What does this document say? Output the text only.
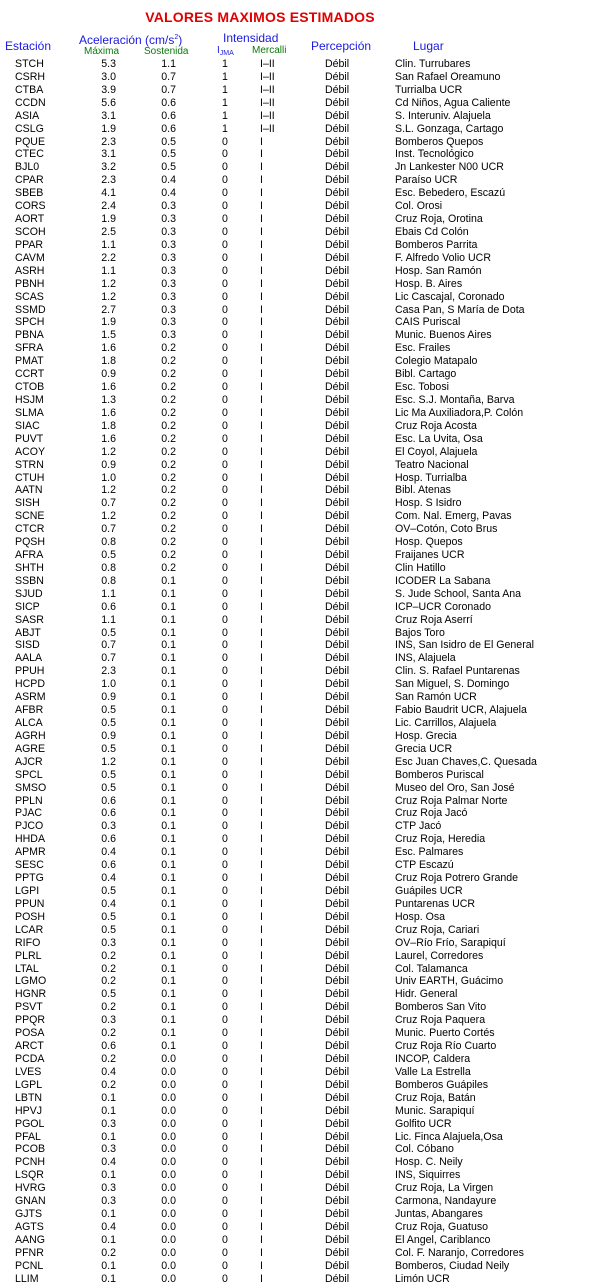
VALORES MAXIMOS ESTIMADOS
Estación Aceleración $(cm/s^2)$
Máxima Sostenida
Intensidad
$I_{JMA}$ Mercalli Percepción	Lugar
STCH	5.3	1.1	1	I–II	Débil	Clin. Turrubares
CSRH	3.0	0.7	1	I–II	Débil	San Rafael Oreamuno
CTBA	3.9	0.7	1	I–II	Débil	Turrialba UCR
CCDN	5.6	0.6	1	I–II	Débil	Cd Niños, Agua Caliente
ASIA	3.1	0.6	1	I–II	Débil	S. Interuniv. Alajuela
CSLG	1.9	0.6	1	I–II	Débil	S.L. Gonzaga, Cartago
PQUE	2.3	0.5	0	I	Débil	Bomberos Quepos
CTEC	3.1	0.5	0	I	Débil	Inst. Tecnológico
BJL0	3.2	0.5	0	I	Débil	Jn Lankester N00 UCR
CPAR	2.3	0.4	0	I	Débil	Paraíso UCR
SBEB	4.1	0.4	0	I	Débil	Esc. Bebedero, Escazú
CORS	2.4	0.3	0	I	Débil	Col. Orosi
AORT	1.9	0.3	0	I	Débil	Cruz Roja, Orotina
SCOH	2.5	0.3	0	I	Débil	Ebais Cd Colón
PPAR	1.1	0.3	0	I	Débil	Bomberos Parrita
CAVM	2.2	0.3	0	I	Débil	F. Alfredo Volio UCR
ASRH	1.1	0.3	0	I	Débil	Hosp. San Ramón
PBNH	1.2	0.3	0	I	Débil	Hosp. B. Aires
SCAS	1.2	0.3	0	I	Débil	Lic Cascajal, Coronado
SSMD	2.7	0.3	0	I	Débil	Casa Pan, S María de Dota
SPCH	1.9	0.3	0	I	Débil	CAIS Puriscal
PBNA	1.5	0.3	0	I	Débil	Munic. Buenos Aires
SFRA	1.6	0.2	0	I	Débil	Esc. Frailes
PMAT	1.8	0.2	0	I	Débil	Colegio Matapalo
CCRT	0.9	0.2	0	I	Débil	Bibl. Cartago
CTOB	1.6	0.2	0	I	Débil	Esc. Tobosi
HSJM	1.3	0.2	0	I	Débil	Esc. S.J. Montaña, Barva
SLMA	1.6	0.2	0	I	Débil	Lic Ma Auxiliadora,P. Colón
SIAC	1.8	0.2	0	I	Débil	Cruz Roja Acosta
PUVT	1.6	0.2	0	I	Débil	Esc. La Uvita, Osa
ACOY	1.2	0.2	0	I	Débil	El Coyol, Alajuela
STRN	0.9	0.2	0	I	Débil	Teatro Nacional
CTUH	1.0	0.2	0	I	Débil	Hosp. Turrialba
AATN	1.2	0.2	0	I	Débil	Bibl. Atenas
SISH	0.7	0.2	0	I	Débil	Hosp. S Isidro
SCNE	1.2	0.2	0	I	Débil	Com. Nal. Emerg, Pavas
CTCR	0.7	0.2	0	I	Débil	OV–Cotón, Coto Brus
PQSH	0.8	0.2	0	I	Débil	Hosp. Quepos
AFRA	0.5	0.2	0	I	Débil	Fraijanes UCR
SHTH	0.8	0.2	0	I	Débil	Clin Hatillo
SSBN	0.8	0.1	0	I	Débil	ICODER La Sabana
SJUD	1.1	0.1	0	I	Débil	S. Jude School, Santa Ana
SICP	0.6	0.1	0	I	Débil	ICP–UCR Coronado
SASR	1.1	0.1	0	I	Débil	Cruz Roja Aserrí
ABJT	0.5	0.1	0	I	Débil	Bajos Toro
SISD	0.7	0.1	0	I	Débil	INS, San Isidro de El General
AALA	0.7	0.1	0	I	Débil	INS, Alajuela
PPUH	2.3	0.1	0	I	Débil	Clin. S. Rafael Puntarenas
HCPD	1.0	0.1	0	I	Débil	San Miguel, S. Domingo
ASRM	0.9	0.1	0	I	Débil	San Ramón UCR
AFBR	0.5	0.1	0	I	Débil	Fabio Baudrit UCR, Alajuela
ALCA	0.5	0.1	0	I	Débil	Lic. Carrillos, Alajuela
AGRH	0.9	0.1	0	I	Débil	Hosp. Grecia
AGRE	0.5	0.1	0	I	Débil	Grecia UCR
AJCR	1.2	0.1	0	I	Débil	Esc Juan Chaves,C. Quesada
SPCL	0.5	0.1	0	I	Débil	Bomberos Puriscal
SMSO	0.5	0.1	0	I	Débil	Museo del Oro, San José
PPLN	0.6	0.1	0	I	Débil	Cruz Roja Palmar Norte
PJAC	0.6	0.1	0	I	Débil	Cruz Roja Jacó
PJCO	0.3	0.1	0	I	Débil	CTP Jacó
HHDA	0.6	0.1	0	I	Débil	Cruz Roja, Heredia
APMR	0.4	0.1	0	I	Débil	Esc. Palmares
SESC	0.6	0.1	0	I	Débil	CTP Escazú
PPTG	0.4	0.1	0	I	Débil	Cruz Roja Potrero Grande
LGPI	0.5	0.1	0	I	Débil	Guápiles UCR
PPUN	0.4	0.1	0	I	Débil	Puntarenas UCR
POSH	0.5	0.1	0	I	Débil	Hosp. Osa
LCAR	0.5	0.1	0	I	Débil	Cruz Roja, Cariari
RIFO	0.3	0.1	0	I	Débil	OV–Río Frío, Sarapiquí
PLRL	0.2	0.1	0	I	Débil	Laurel, Corredores
LTAL	0.2	0.1	0	I	Débil	Col. Talamanca
LGMO	0.2	0.1	0	I	Débil	Univ EARTH, Guácimo
HGNR	0.5	0.1	0	I	Débil	Hidr. General
PSVT	0.2	0.1	0	I	Débil	Bomberos San Vito
PPQR	0.3	0.1	0	I	Débil	Cruz Roja Paquera
POSA	0.2	0.1	0	I	Débil	Munic. Puerto Cortés
ARCT	0.6	0.1	0	I	Débil	Cruz Roja Río Cuarto
PCDA	0.2	0.0	0	I	Débil	INCOP, Caldera
LVES	0.4	0.0	0	I	Débil	Valle La Estrella
LGPL	0.2	0.0	0	I	Débil	Bomberos Guápiles
LBTN	0.1	0.0	0	I	Débil	Cruz Roja, Batán
HPVJ	0.1	0.0	0	I	Débil	Munic. Sarapiquí
PGOL	0.3	0.0	0	I	Débil	Golfito UCR
PFAL	0.1	0.0	0	I	Débil	Lic. Finca Alajuela,Osa
PCOB	0.3	0.0	0	I	Débil	Col. Cóbano
PCNH	0.4	0.0	0	I	Débil	Hosp. C. Neily
LSQR	0.1	0.0	0	I	Débil	INS, Siquirres
HVRG	0.3	0.0	0	I	Débil	Cruz Roja, La Virgen
GNAN	0.3	0.0	0	I	Débil	Carmona, Nandayure
GJTS	0.1	0.0	0	I	Débil	Juntas, Abangares
AGTS	0.4	0.0	0	I	Débil	Cruz Roja, Guatuso
AANG	0.1	0.0	0	I	Débil	El Angel, Cariblanco
PFNR	0.2	0.0	0	I	Débil	Col. F. Naranjo, Corredores
PCNL	0.1	0.0	0	I	Débil	Bomberos, Ciudad Neily
LLIM	0.1	0.0	0	I	Débil	Limón UCR
